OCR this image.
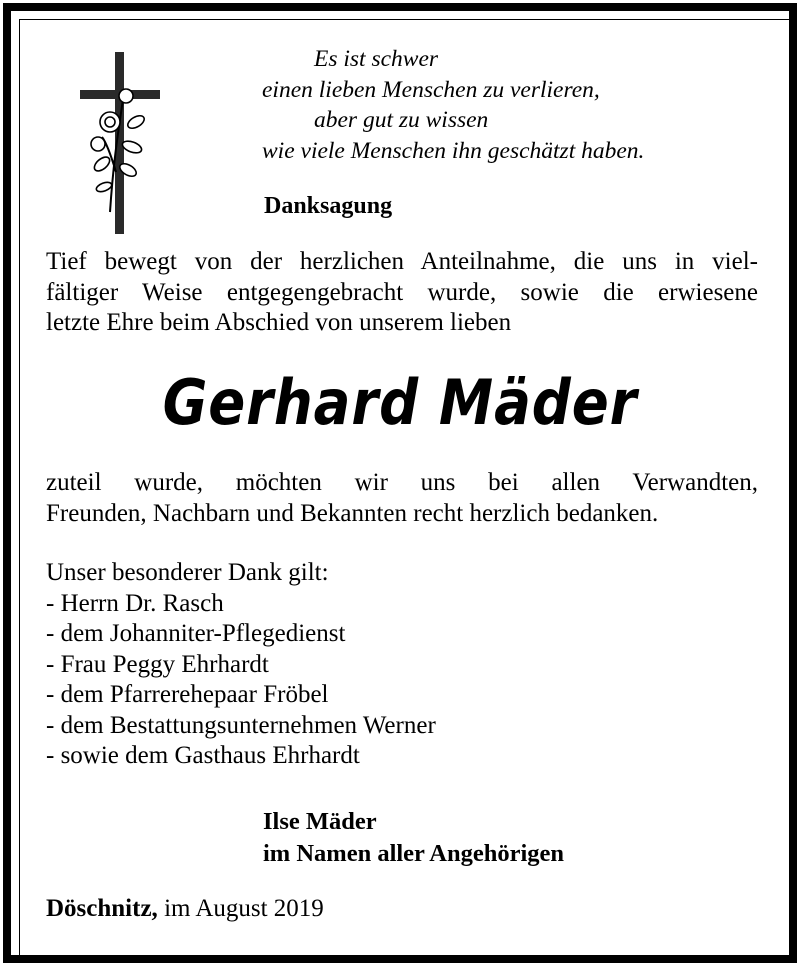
Es ist schwer
einen lieben Menschen zu verlieren,
aber gut zu wissen
wie viele Menschen ihn geschätzt haben.
Danksagung
Tief bewegt von der herzlichen Anteilnahme, die uns in viel-
fältiger Weise entgegengebracht wurde, sowie die erwiesene
letzte Ehre beim Abschied von unserem lieben
Gerhard Mäder
zuteil wurde, möchten wir uns bei allen Verwandten,
Freunden, Nachbarn und Bekannten recht herzlich bedanken.
Unser besonderer Dank gilt:
- Herrn Dr. Rasch
- dem Johanniter-Pflegedienst
- Frau Peggy Ehrhardt
- dem Pfarrerehepaar Fröbel
- dem Bestattungsunternehmen Werner
- sowie dem Gasthaus Ehrhardt
Ilse Mäder
im Namen aller Angehörigen
Döschnitz, im August 2019
